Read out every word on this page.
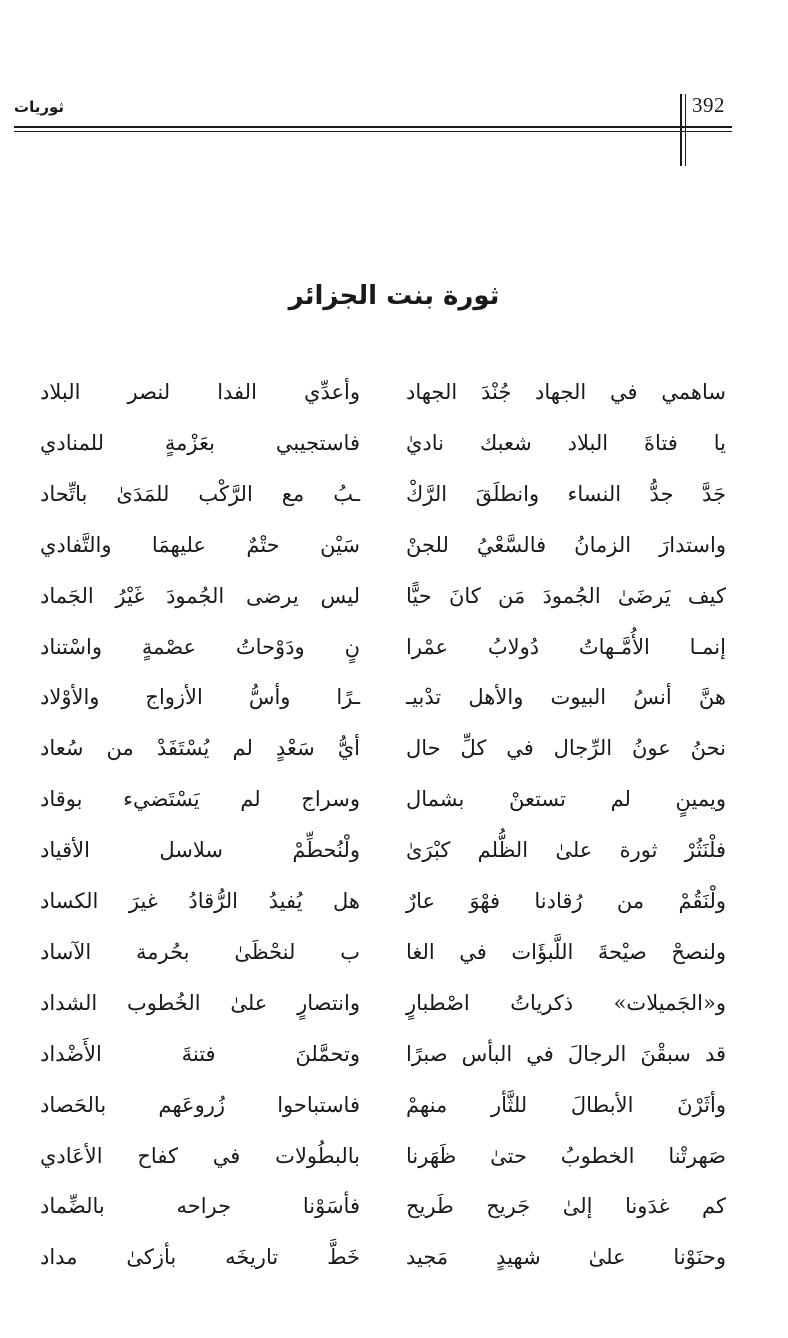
392
ثوريات
ثورة بنت الجزائر
ساهمي في الجهاد جُنْدَ الجهاد
وأعدِّي الفدا لنصر البلاد
يا فتاةَ البلاد شعبك ناديٰ
فاستجيبي بعَزْمةٍ للمنادي
جَدَّ جدُّ النساء وانطلَقَ الرَّكْ
ـبُ مع الرَّكْب للمَدَىٰ باتِّحاد
واستدارَ الزمانُ فالسَّعْيُ للجنْ
سَيْن حتْمٌ عليهمَا والتَّفادي
كيف يَرضَىٰ الجُمودَ مَن كانَ حيًّا
ليس يرضى الجُمودَ غَيْرُ الجَماد
إنمـا الأُمَّـهاتُ دُولابُ عمْرا
نٍ ودَوْحاتُ عصْمةٍ واسْتناد
هنَّ أنسُ البيوت والأهل تدْبيـ
ـرًا وأسُّ الأزواج والأوْلاد
نحنُ عونُ الرِّجال في كلِّ حال
أيُّ سَعْدٍ لم يُسْتَفَدْ من سُعاد
ويمينٍ لم تستعنْ بشمال
وسراج لم يَسْتَضيء بوقاد
فلْنَثُرْ ثورة علىٰ الظُّلم كبْرَىٰ
ولْنُحطِّمْ سلاسل الأقياد
ولْنَقُمْ من رُقادنا فهْوَ عارٌ
هل يُفيدُ الرُّقادُ غيرَ الكساد
ولنصحْ صيْحةَ اللَّبؤَات في الغا
ب لنحْظَىٰ بحُرمة الآساد
و«الجَميلات» ذكرياتُ اصْطبارٍ
وانتصارٍ علىٰ الخُطوب الشداد
قد سبقْنَ الرجالَ في البأس صبرًا
وتحمَّلنَ فتنةَ الأَضْداد
وأثَرْنَ الأبطالَ للثَّأر منهمْ
فاستباحوا زُروعَهم بالحَصاد
صَهرتْنا الخطوبُ حتىٰ ظَهَرنا
بالبطُولات في كفاح الأعَادي
كم غدَونا إلىٰ جَريح طَريح
فأسَوْنا جراحه بالضِّماد
وحنَوْنا علىٰ شهيدٍ مَجيد
خَطَّ تاريخَه بأزكىٰ مداد
